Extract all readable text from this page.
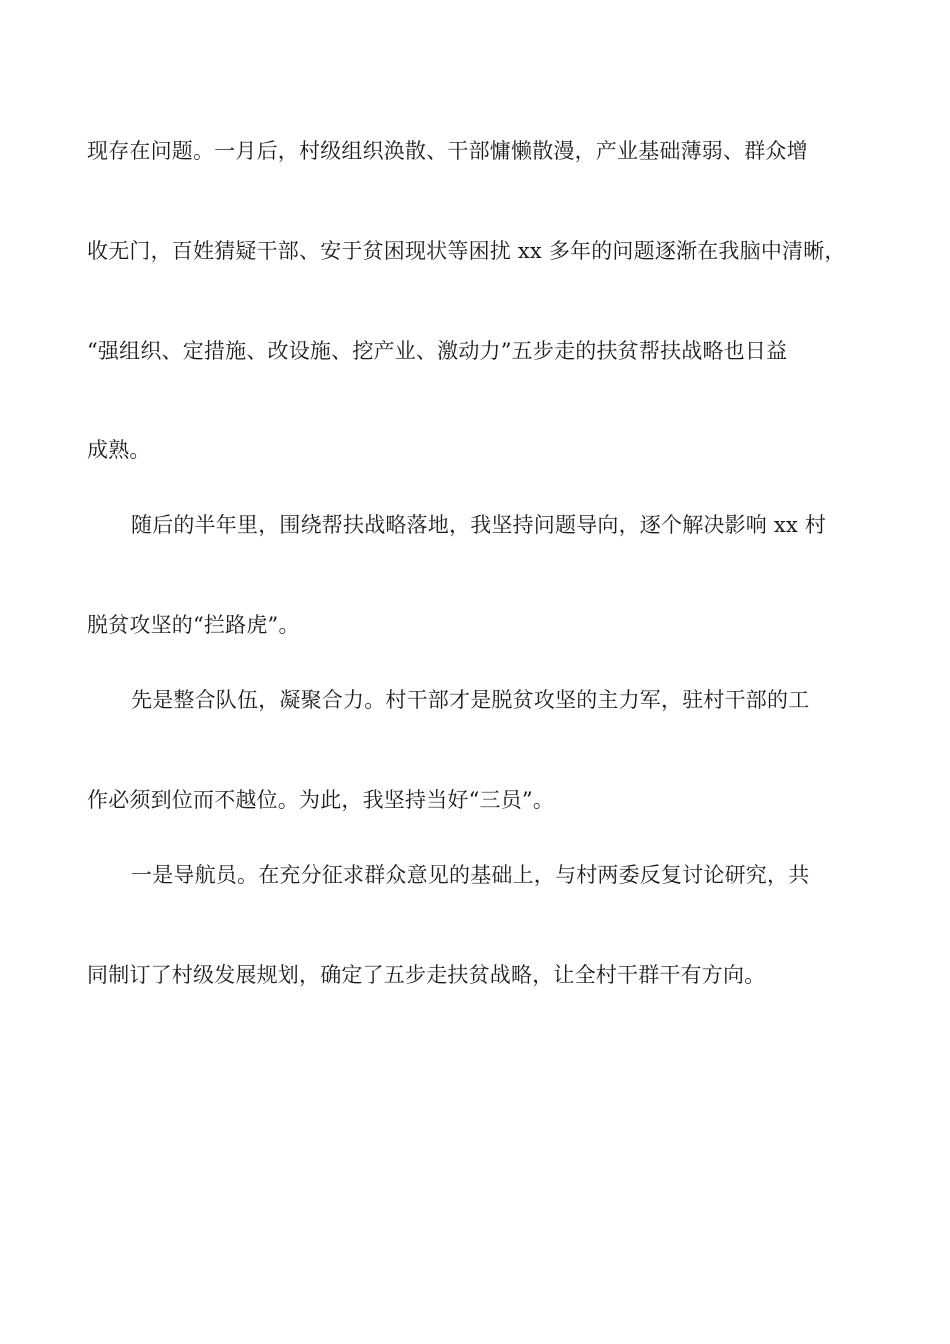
现存在问题。一月后，村级组织涣散、干部慵懒散漫，产业基础薄弱、群众增
收无门，百姓猜疑干部、安于贫困现状等困扰 xx 多年的问题逐渐在我脑中清晰，
“强组织、定措施、改设施、挖产业、激动力”五步走的扶贫帮扶战略也日益
成熟。
随后的半年里，围绕帮扶战略落地，我坚持问题导向，逐个解决影响 xx 村
脱贫攻坚的“拦路虎”。
先是整合队伍，凝聚合力。村干部才是脱贫攻坚的主力军，驻村干部的工
作必须到位而不越位。为此，我坚持当好“三员”。
一是导航员。在充分征求群众意见的基础上，与村两委反复讨论研究，共
同制订了村级发展规划，确定了五步走扶贫战略，让全村干群干有方向。
